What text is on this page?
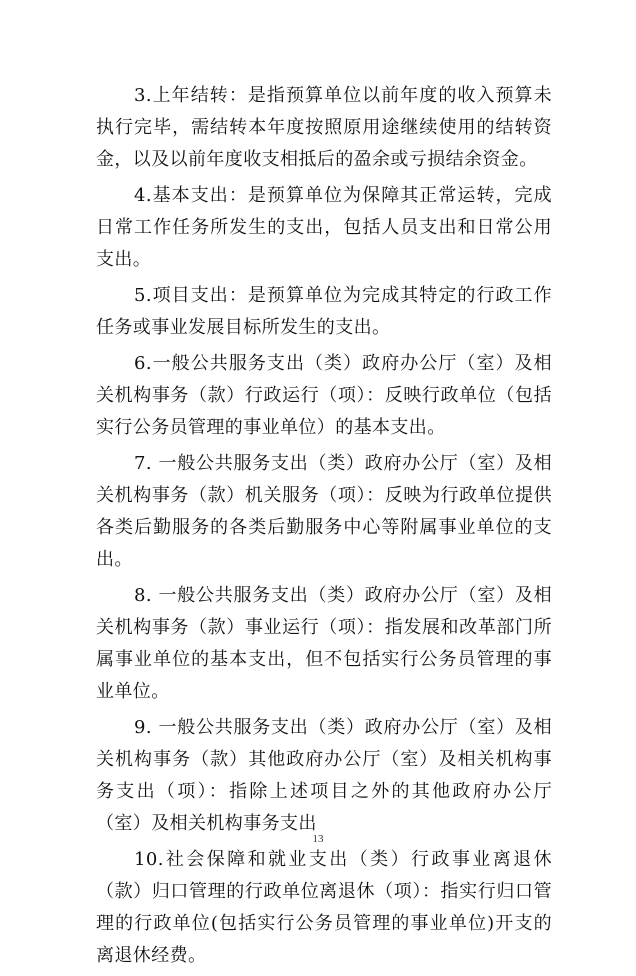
3.上年结转：是指预算单位以前年度的收入预算未执行完毕，需结转本年度按照原用途继续使用的结转资金，以及以前年度收支相抵后的盈余或亏损结余资金。

4.基本支出：是预算单位为保障其正常运转，完成日常工作任务所发生的支出，包括人员支出和日常公用支出。

5.项目支出：是预算单位为完成其特定的行政工作任务或事业发展目标所发生的支出。

6.一般公共服务支出（类）政府办公厅（室）及相关机构事务（款）行政运行（项）：反映行政单位（包括实行公务员管理的事业单位）的基本支出。

7. 一般公共服务支出（类）政府办公厅（室）及相关机构事务（款）机关服务（项）：反映为行政单位提供各类后勤服务的各类后勤服务中心等附属事业单位的支出。

8. 一般公共服务支出（类）政府办公厅（室）及相关机构事务（款）事业运行（项）：指发展和改革部门所属事业单位的基本支出，但不包括实行公务员管理的事业单位。

9. 一般公共服务支出（类）政府办公厅（室）及相关机构事务（款）其他政府办公厅（室）及相关机构事务支出（项）：指除上述项目之外的其他政府办公厅（室）及相关机构事务支出

10.社会保障和就业支出（类）行政事业离退休（款）归口管理的行政单位离退休（项）：指实行归口管理的行政单位(包括实行公务员管理的事业单位)开支的离退休经费。

13
